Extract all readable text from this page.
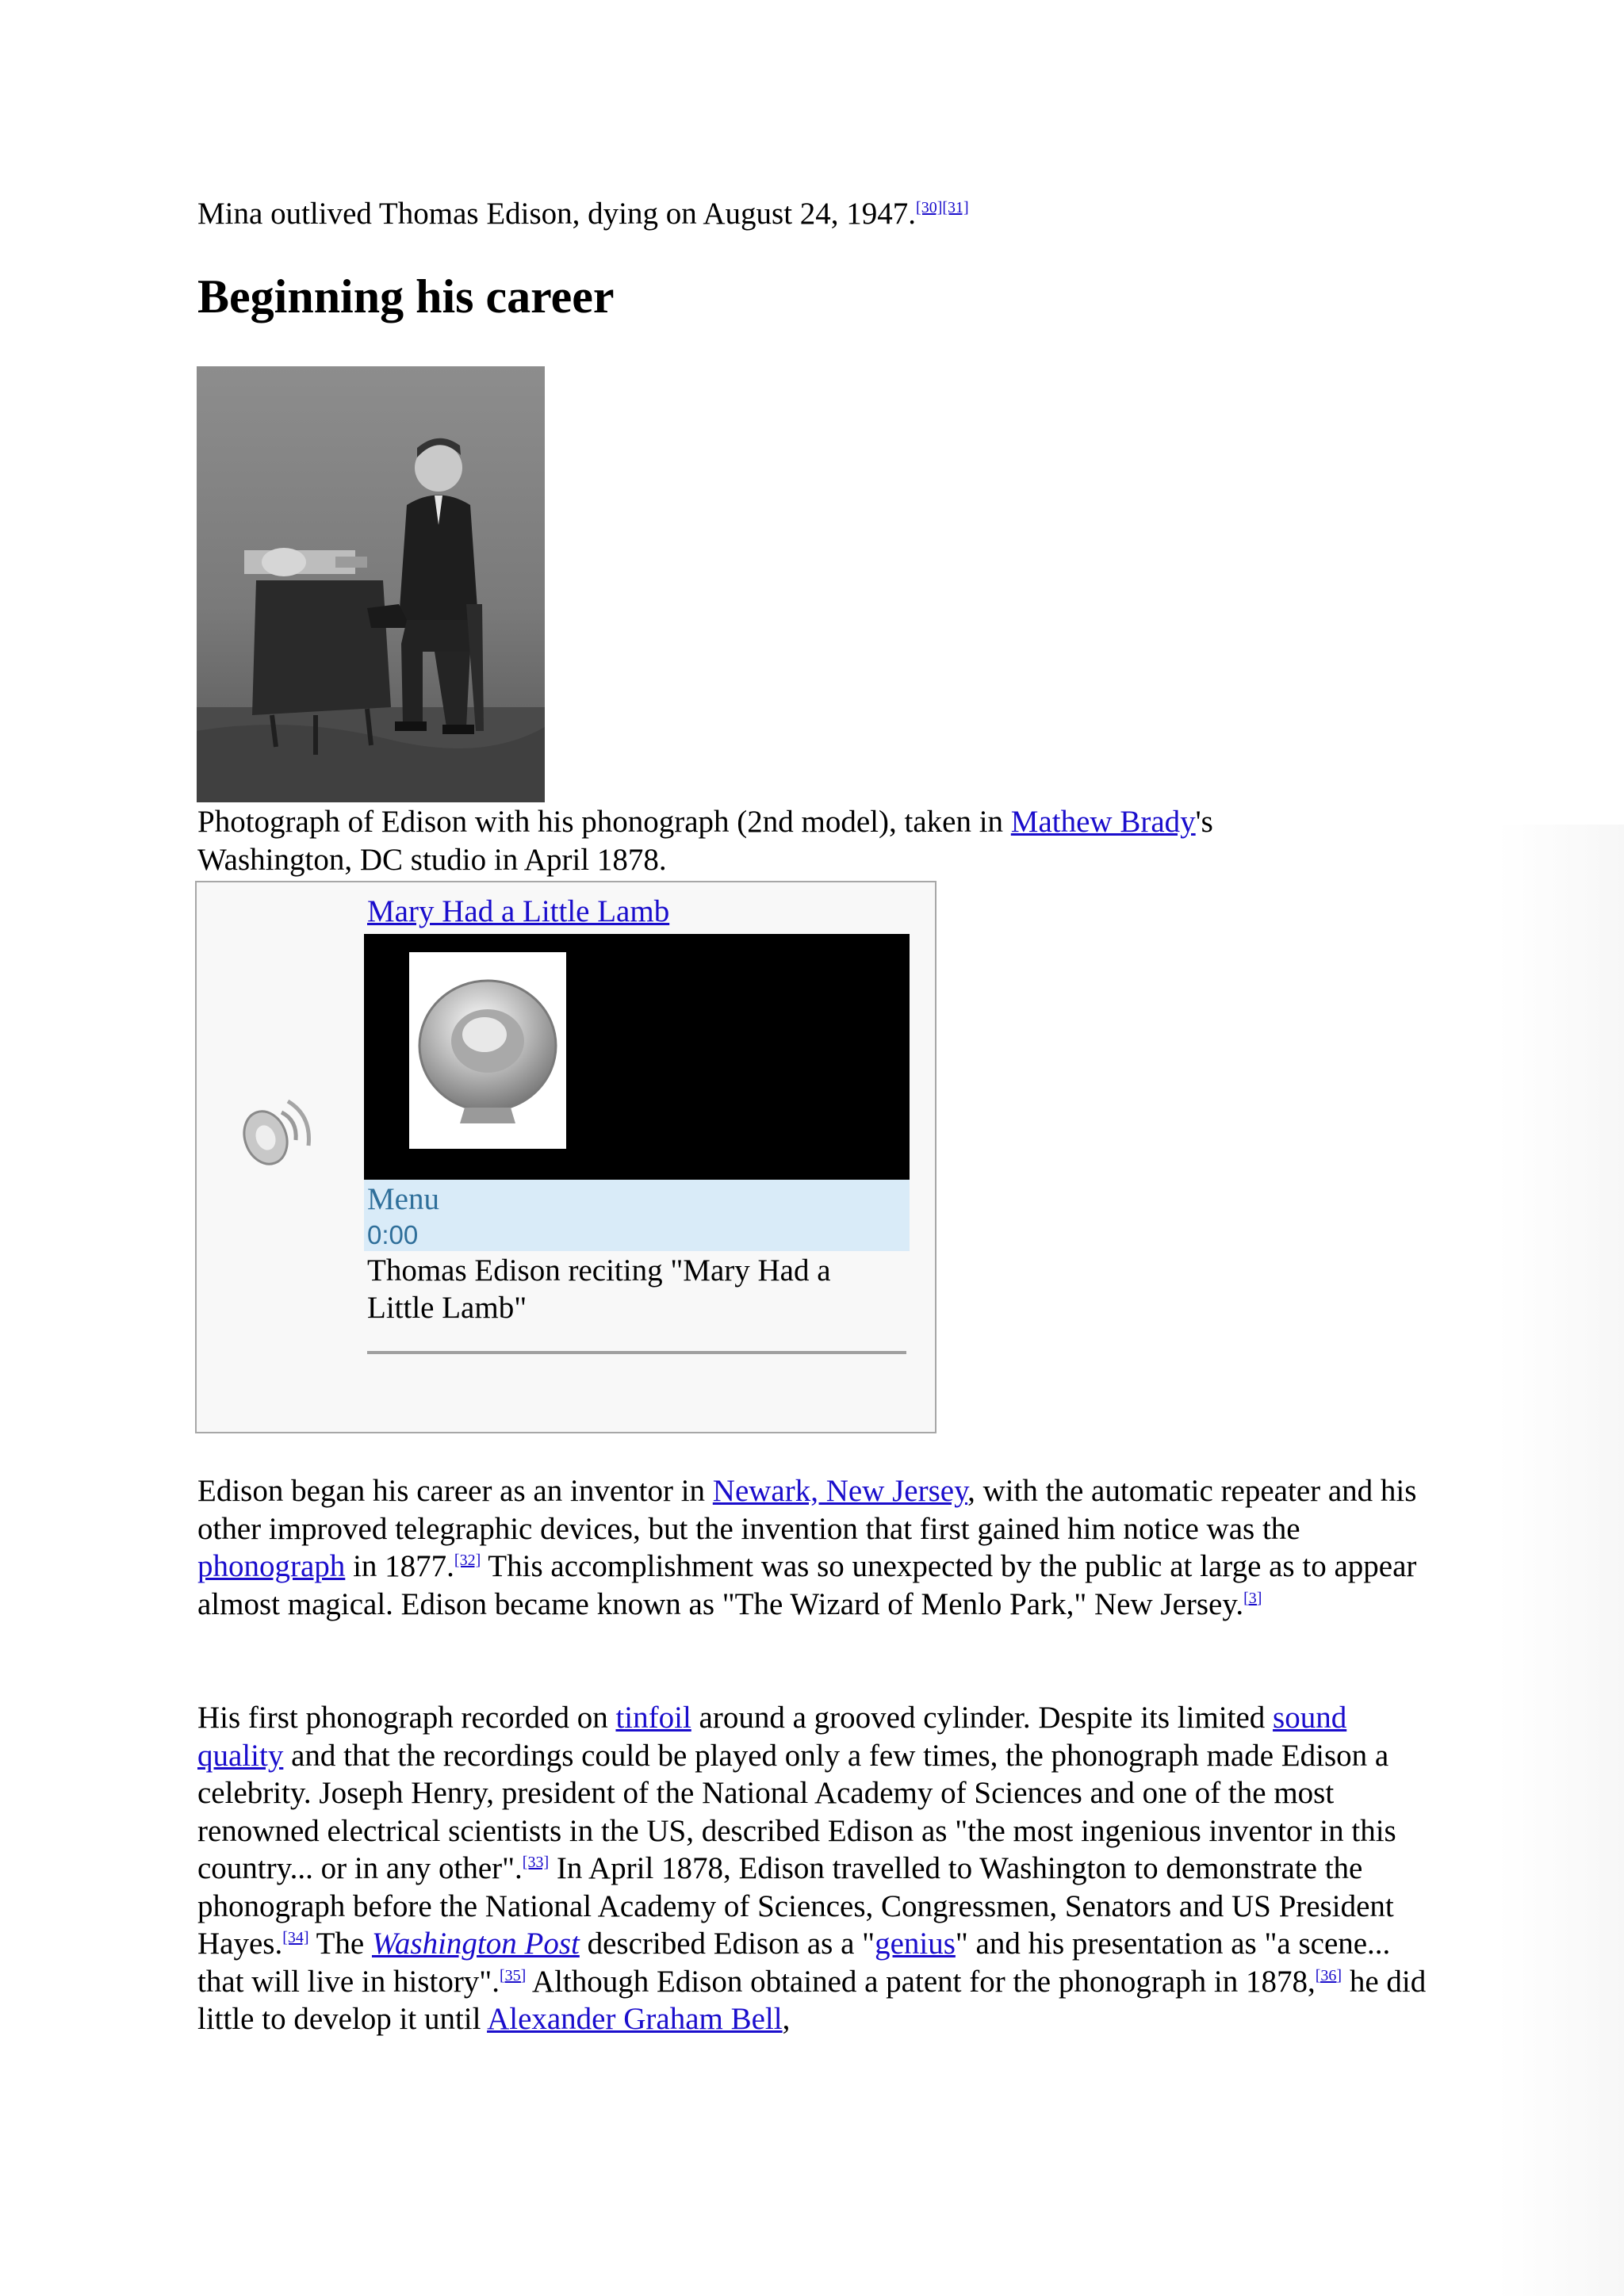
Mina outlived Thomas Edison, dying on August 24, 1947.[30][31]

Beginning his career
Photograph of Edison with his phonograph (2nd model), taken in Mathew Brady's Washington, DC studio in April 1878.
Mary Had a Little Lamb
Menu
0:00
Thomas Edison reciting "Mary Had a Little Lamb"

Edison began his career as an inventor in Newark, New Jersey, with the automatic repeater and his other improved telegraphic devices, but the invention that first gained him notice was the phonograph in 1877.[32] This accomplishment was so unexpected by the public at large as to appear almost magical. Edison became known as "The Wizard of Menlo Park," New Jersey.[3]

His first phonograph recorded on tinfoil around a grooved cylinder. Despite its limited sound quality and that the recordings could be played only a few times, the phonograph made Edison a celebrity. Joseph Henry, president of the National Academy of Sciences and one of the most renowned electrical scientists in the US, described Edison as "the most ingenious inventor in this country... or in any other".[33] In April 1878, Edison travelled to Washington to demonstrate the phonograph before the National Academy of Sciences, Congressmen, Senators and US President Hayes.[34] The Washington Post described Edison as a "genius" and his presentation as "a scene... that will live in history".[35] Although Edison obtained a patent for the phonograph in 1878,[36] he did little to develop it until Alexander Graham Bell,
